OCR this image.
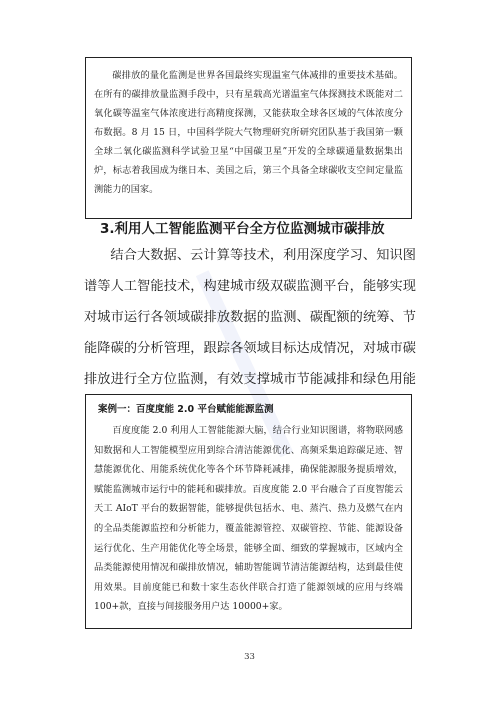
碳排放的量化监测是世界各国最终实现温室气体减排的重要技术基础。在所有的碳排放量监测手段中，只有星载高光谱温室气体探测技术既能对二氧化碳等温室气体浓度进行高精度探测，又能获取全球各区域的气体浓度分布数据。8 月 15 日，中国科学院大气物理研究所研究团队基于我国第一颗全球二氧化碳监测科学试验卫星“中国碳卫星”开发的全球碳通量数据集出炉，标志着我国成为继日本、美国之后，第三个具备全球碳收支空间定量监测能力的国家。
3.利用人工智能监测平台全方位监测城市碳排放

结合大数据、云计算等技术，利用深度学习、知识图谱等人工智能技术，构建城市级双碳监测平台，能够实现对城市运行各领域碳排放数据的监测、碳配额的统筹、节能降碳的分析管理，跟踪各领域目标达成情况，对城市碳排放进行全方位监测，有效支撑城市节能减排和绿色用能

案例一：百度度能 2.0 平台赋能能源监测

百度度能 2.0 利用人工智能能源大脑，结合行业知识图谱，将物联网感知数据和人工智能模型应用到综合清洁能源优化、高频采集追踪碳足迹、智慧能源优化、用能系统优化等各个环节降耗减排，确保能源服务提质增效，赋能监测城市运行中的能耗和碳排放。百度度能 2.0 平台融合了百度智能云天工 AIoT 平台的数据智能，能够提供包括水、电、蒸汽、热力及燃气在内的全品类能源监控和分析能力，覆盖能源管控、双碳管控、节能、能源设备运行优化、生产用能优化等全场景，能够全面、细致的掌握城市，区域内全品类能源使用情况和碳排放情况，辅助智能调节清洁能源结构，达到最佳使用效果。目前度能已和数十家生态伙伴联合打造了能源领域的应用与终端 100+款，直接与间接服务用户达 10000+家。

33
